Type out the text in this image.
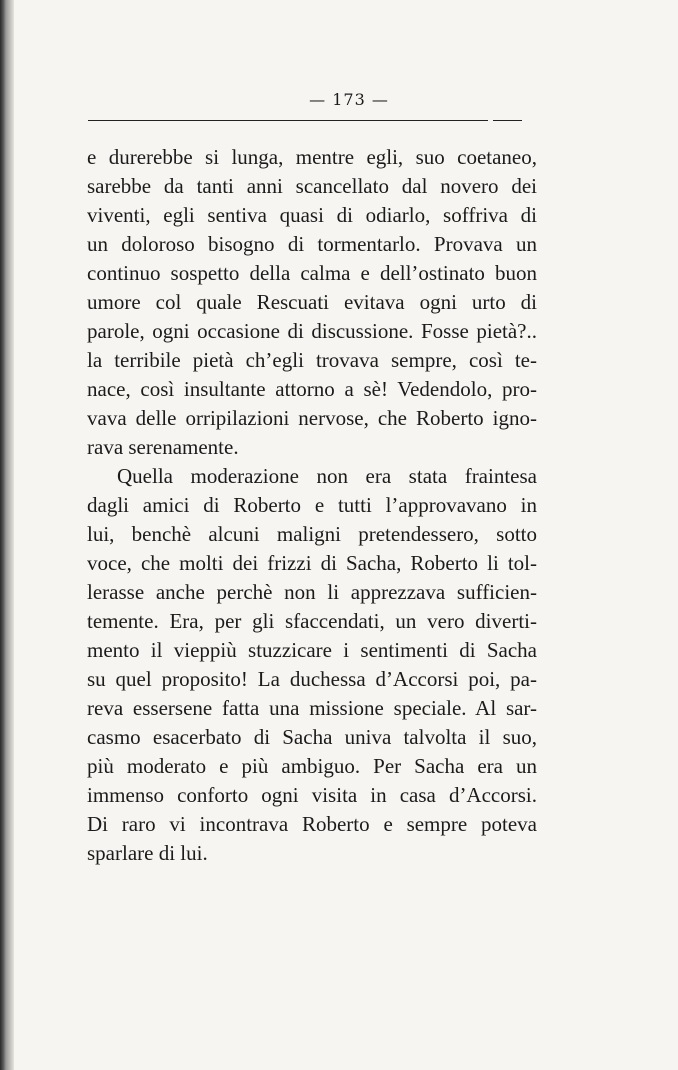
— 173 —
e durerebbe si lunga, mentre egli, suo coetaneo,
sarebbe da tanti anni scancellato dal novero dei
viventi, egli sentiva quasi di odiarlo, soffriva di
un doloroso bisogno di tormentarlo. Provava un
continuo sospetto della calma e dell’ostinato buon
umore col quale Rescuati evitava ogni urto di
parole, ogni occasione di discussione. Fosse pietà?..
la terribile pietà ch’egli trovava sempre, così te-
nace, così insultante attorno a sè! Vedendolo, pro-
vava delle orripilazioni nervose, che Roberto igno-
rava serenamente.
Quella moderazione non era stata fraintesa
dagli amici di Roberto e tutti l’approvavano in
lui, benchè alcuni maligni pretendessero, sotto
voce, che molti dei frizzi di Sacha, Roberto li tol-
lerasse anche perchè non li apprezzava sufficien-
temente. Era, per gli sfaccendati, un vero diverti-
mento il vieppiù stuzzicare i sentimenti di Sacha
su quel proposito! La duchessa d’Accorsi poi, pa-
reva essersene fatta una missione speciale. Al sar-
casmo esacerbato di Sacha univa talvolta il suo,
più moderato e più ambiguo. Per Sacha era un
immenso conforto ogni visita in casa d’Accorsi.
Di raro vi incontrava Roberto e sempre poteva
sparlare di lui.
